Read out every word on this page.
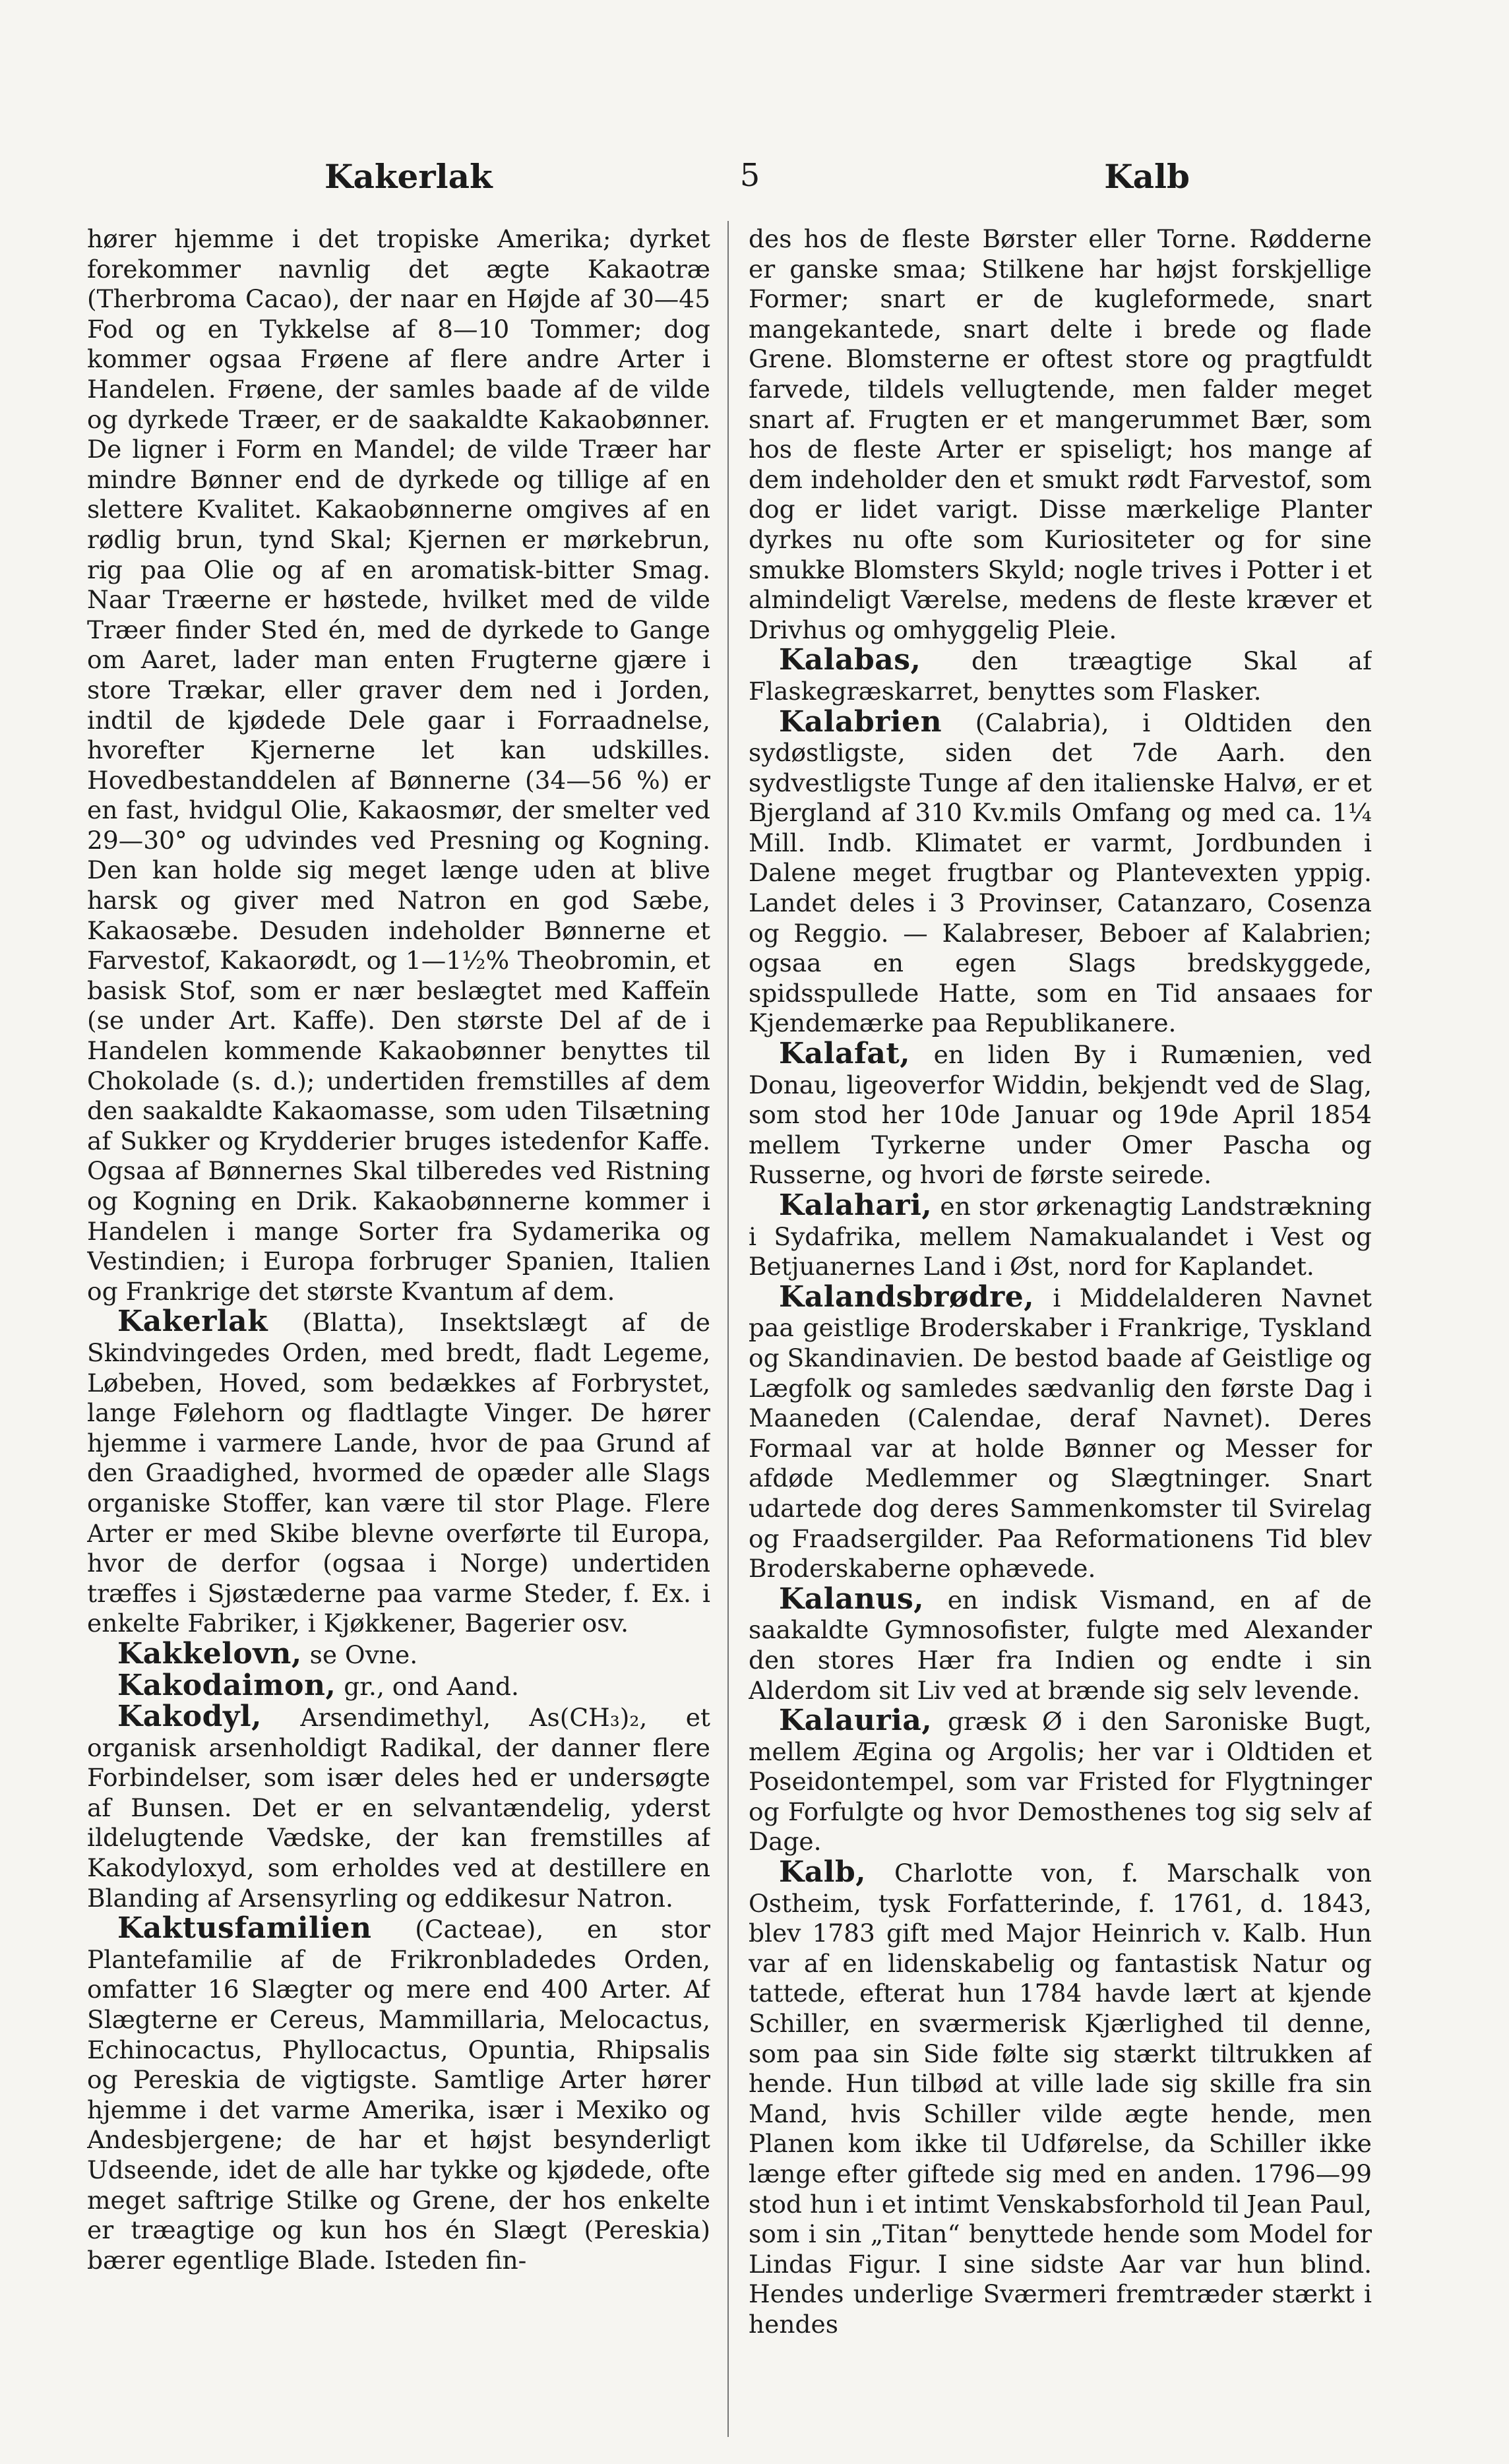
Kakerlak	5	Kalb

hører hjemme i det tropiske Amerika; dyrket forekommer navnlig det ægte Kakaotræ (Therbroma Cacao), der naar en Højde af 30—45 Fod og en Tykkelse af 8—10 Tommer; dog kommer ogsaa Frøene af flere andre Arter i Handelen. Frøene, der samles baade af de vilde og dyrkede Træer, er de saakaldte Kakaobønner. De ligner i Form en Mandel; de vilde Træer har mindre Bønner end de dyrkede og tillige af en slettere Kvalitet. Kakaobønnerne omgives af en rødlig brun, tynd Skal; Kjernen er mørkebrun, rig paa Olie og af en aromatisk-bitter Smag. Naar Træerne er høstede, hvilket med de vilde Træer finder Sted én, med de dyrkede to Gange om Aaret, lader man enten Frugterne gjære i store Trækar, eller graver dem ned i Jorden, indtil de kjødede Dele gaar i Forraadnelse, hvorefter Kjernerne let kan udskilles. Hovedbestanddelen af Bønnerne (34—56 %) er en fast, hvidgul Olie, Kakaosmør, der smelter ved 29—30° og udvindes ved Presning og Kogning. Den kan holde sig meget længe uden at blive harsk og giver med Natron en god Sæbe, Kakaosæbe. Desuden indeholder Bønnerne et Farvestof, Kakaorødt, og 1—1½% Theobromin, et basisk Stof, som er nær beslægtet med Kaffeïn (se under Art. Kaffe). Den største Del af de i Handelen kommende Kakaobønner benyttes til Chokolade (s. d.); undertiden fremstilles af dem den saakaldte Kakaomasse, som uden Tilsætning af Sukker og Krydderier bruges istedenfor Kaffe. Ogsaa af Bønnernes Skal tilberedes ved Ristning og Kogning en Drik. Kakaobønnerne kommer i Handelen i mange Sorter fra Sydamerika og Vestindien; i Europa forbruger Spanien, Italien og Frankrige det største Kvantum af dem.

Kakerlak (Blatta), Insektslægt af de Skindvingedes Orden, med bredt, fladt Legeme, Løbeben, Hoved, som bedækkes af Forbrystet, lange Følehorn og fladtlagte Vinger. De hører hjemme i varmere Lande, hvor de paa Grund af den Graadighed, hvormed de opæder alle Slags organiske Stoffer, kan være til stor Plage. Flere Arter er med Skibe blevne overførte til Europa, hvor de derfor (ogsaa i Norge) undertiden træffes i Sjøstæderne paa varme Steder, f. Ex. i enkelte Fabriker, i Kjøkkener, Bagerier osv.

Kakkelovn, se Ovne.

Kakodaimon, gr., ond Aand.

Kakodyl, Arsendimethyl, As(CH₃)₂, et organisk arsenholdigt Radikal, der danner flere Forbindelser, som især deles hed er undersøgte af Bunsen. Det er en selvantændelig, yderst ildelugtende Vædske, der kan fremstilles af Kakodyloxyd, som erholdes ved at destillere en Blanding af Arsensyrling og eddikesur Natron.

Kaktusfamilien (Cacteae), en stor Plantefamilie af de Frikronbladedes Orden, omfatter 16 Slægter og mere end 400 Arter. Af Slægterne er Cereus, Mammillaria, Melocactus, Echinocactus, Phyllocactus, Opuntia, Rhipsalis og Pereskia de vigtigste. Samtlige Arter hører hjemme i det varme Amerika, især i Mexiko og Andesbjergene; de har et højst besynderligt Udseende, idet de alle har tykke og kjødede, ofte meget saftrige Stilke og Grene, der hos enkelte er træagtige og kun hos én Slægt (Pereskia) bærer egentlige Blade. Isteden fin-

des hos de fleste Børster eller Torne. Rødderne er ganske smaa; Stilkene har højst forskjellige Former; snart er de kugleformede, snart mangekantede, snart delte i brede og flade Grene. Blomsterne er oftest store og pragtfuldt farvede, tildels vellugtende, men falder meget snart af. Frugten er et mangerummet Bær, som hos de fleste Arter er spiseligt; hos mange af dem indeholder den et smukt rødt Farvestof, som dog er lidet varigt. Disse mærkelige Planter dyrkes nu ofte som Kuriositeter og for sine smukke Blomsters Skyld; nogle trives i Potter i et almindeligt Værelse, medens de fleste kræver et Drivhus og omhyggelig Pleie.

Kalabas, den træagtige Skal af Flaskegræskarret, benyttes som Flasker.

Kalabrien (Calabria), i Oldtiden den sydøstligste, siden det 7de Aarh. den sydvestligste Tunge af den italienske Halvø, er et Bjergland af 310 Kv.mils Omfang og med ca. 1¼ Mill. Indb. Klimatet er varmt, Jordbunden i Dalene meget frugtbar og Plantevexten yppig. Landet deles i 3 Provinser, Catanzaro, Cosenza og Reggio. — Kalabreser, Beboer af Kalabrien; ogsaa en egen Slags bredskyggede, spidsspullede Hatte, som en Tid ansaaes for Kjendemærke paa Republikanere.

Kalafat, en liden By i Rumænien, ved Donau, ligeoverfor Widdin, bekjendt ved de Slag, som stod her 10de Januar og 19de April 1854 mellem Tyrkerne under Omer Pascha og Russerne, og hvori de første seirede.

Kalahari, en stor ørkenagtig Landstrækning i Sydafrika, mellem Namakualandet i Vest og Betjuanernes Land i Øst, nord for Kaplandet.

Kalandsbrødre, i Middelalderen Navnet paa geistlige Broderskaber i Frankrige, Tyskland og Skandinavien. De bestod baade af Geistlige og Lægfolk og samledes sædvanlig den første Dag i Maaneden (Calendae, deraf Navnet). Deres Formaal var at holde Bønner og Messer for afdøde Medlemmer og Slægtninger. Snart udartede dog deres Sammenkomster til Svirelag og Fraadsergilder. Paa Reformationens Tid blev Broderskaberne ophævede.

Kalanus, en indisk Vismand, en af de saakaldte Gymnosofister, fulgte med Alexander den stores Hær fra Indien og endte i sin Alderdom sit Liv ved at brænde sig selv levende.

Kalauria, græsk Ø i den Saroniske Bugt, mellem Ægina og Argolis; her var i Oldtiden et Poseidontempel, som var Fristed for Flygtninger og Forfulgte og hvor Demosthenes tog sig selv af Dage.

Kalb, Charlotte von, f. Marschalk von Ostheim, tysk Forfatterinde, f. 1761, d. 1843, blev 1783 gift med Major Heinrich v. Kalb. Hun var af en lidenskabelig og fantastisk Natur og tattede, efterat hun 1784 havde lært at kjende Schiller, en sværmerisk Kjærlighed til denne, som paa sin Side følte sig stærkt tiltrukken af hende. Hun tilbød at ville lade sig skille fra sin Mand, hvis Schiller vilde ægte hende, men Planen kom ikke til Udførelse, da Schiller ikke længe efter giftede sig med en anden. 1796—99 stod hun i et intimt Venskabsforhold til Jean Paul, som i sin „Titan“ benyttede hende som Model for Lindas Figur. I sine sidste Aar var hun blind. Hendes underlige Sværmeri fremtræder stærkt i hendes
